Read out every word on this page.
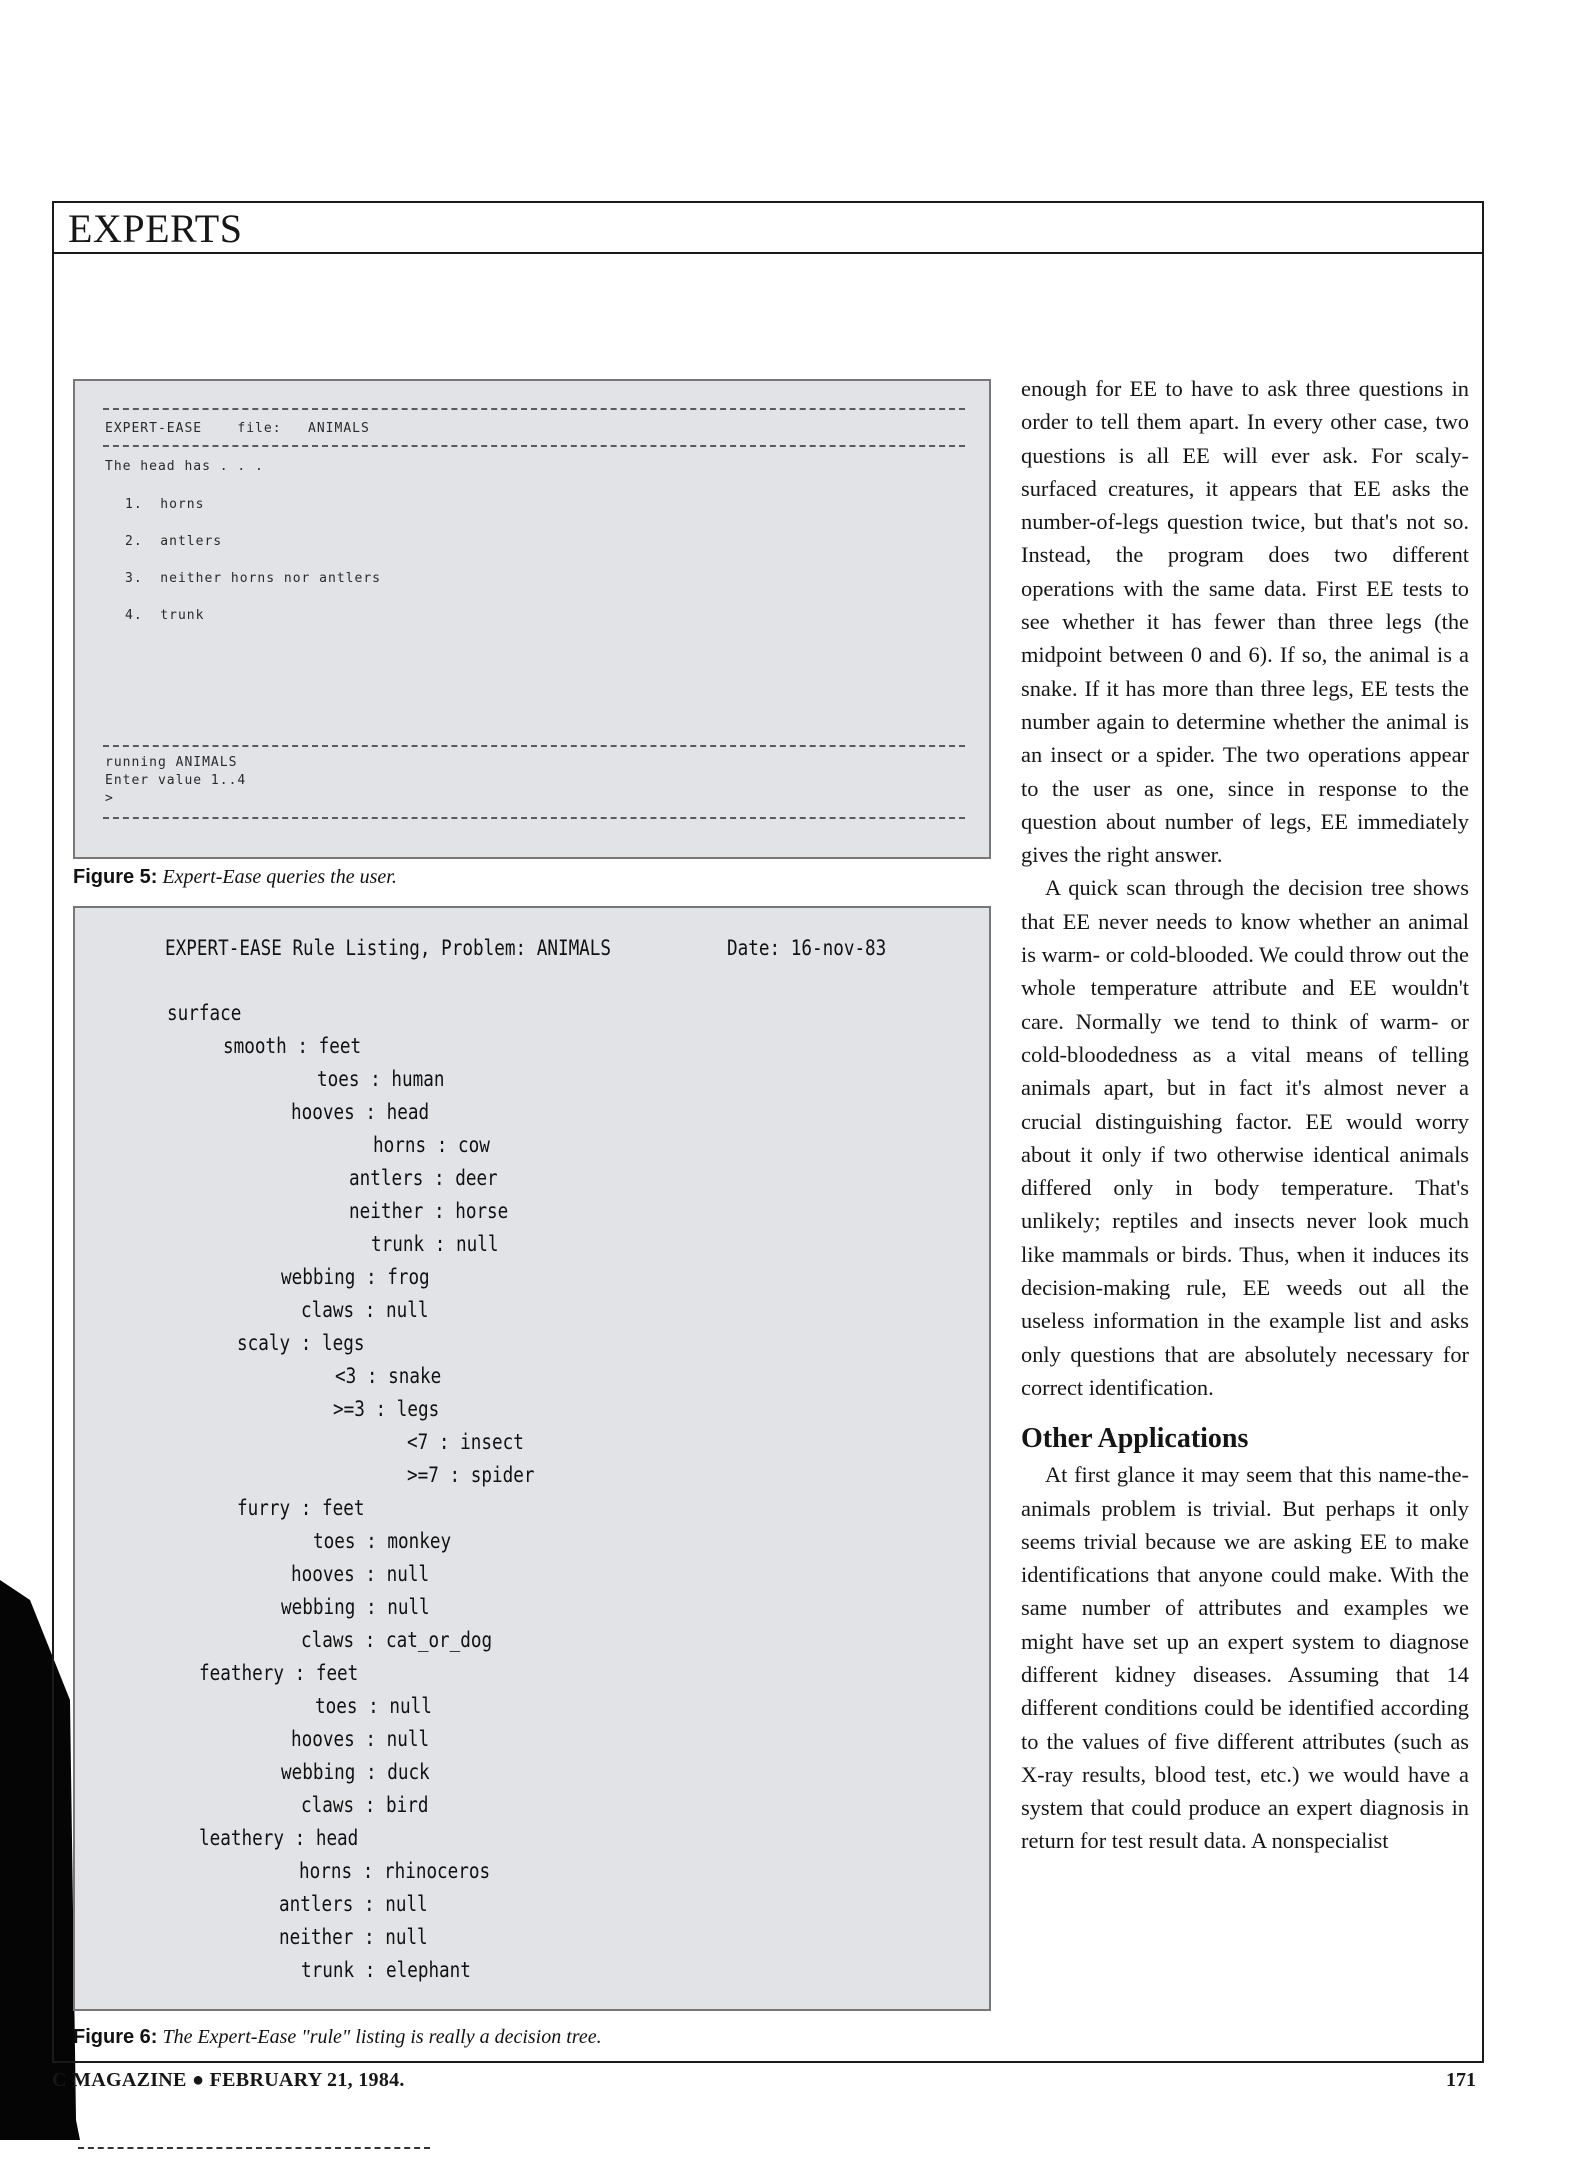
EXPERTS
EXPERT-EASE    file:   ANIMALS
The head has . . .
1.  horns
2.  antlers
3.  neither horns nor antlers
4.  trunk
running ANIMALS
Enter value 1..4
>
Figure 5: Expert-Ease queries the user.
EXPERT-EASE Rule Listing, Problem: ANIMALS	Date: 16-nov-83
surface
smooth : feet
toes : human
hooves : head
horns : cow
antlers : deer
neither : horse
trunk : null
webbing : frog
claws : null
scaly : legs
<3 : snake
>=3 : legs
<7 : insect
>=7 : spider
furry : feet
toes : monkey
hooves : null
webbing : null
claws : cat_or_dog
feathery : feet
toes : null
hooves : null
webbing : duck
claws : bird
leathery : head
horns : rhinoceros
antlers : null
neither : null
trunk : elephant
Figure 6: The Expert-Ease "rule" listing is really a decision tree.

enough for EE to have to ask three questions in order to tell them apart. In every other case, two questions is all EE will ever ask. For scaly-surfaced creatures, it appears that EE asks the number-of-legs question twice, but that's not so. Instead, the program does two different operations with the same data. First EE tests to see whether it has fewer than three legs (the midpoint between 0 and 6). If so, the animal is a snake. If it has more than three legs, EE tests the number again to determine whether the animal is an insect or a spider. The two operations appear to the user as one, since in response to the question about number of legs, EE immediately gives the right answer.

A quick scan through the decision tree shows that EE never needs to know whether an animal is warm- or cold-blooded. We could throw out the whole temperature attribute and EE wouldn't care. Normally we tend to think of warm- or cold-bloodedness as a vital means of telling animals apart, but in fact it's almost never a crucial distinguishing factor. EE would worry about it only if two otherwise identical animals differed only in body temperature. That's unlikely; reptiles and insects never look much like mammals or birds. Thus, when it induces its decision-making rule, EE weeds out all the useless information in the example list and asks only questions that are absolutely necessary for correct identification.

Other Applications

At first glance it may seem that this name-the-animals problem is trivial. But perhaps it only seems trivial because we are asking EE to make identifications that anyone could make. With the same number of attributes and examples we might have set up an expert system to diagnose different kidney diseases. Assuming that 14 different conditions could be identified according to the values of five different attributes (such as X-ray results, blood test, etc.) we would have a system that could produce an expert diagnosis in return for test result data. A nonspecialist

C MAGAZINE ● FEBRUARY 21, 1984.	171
